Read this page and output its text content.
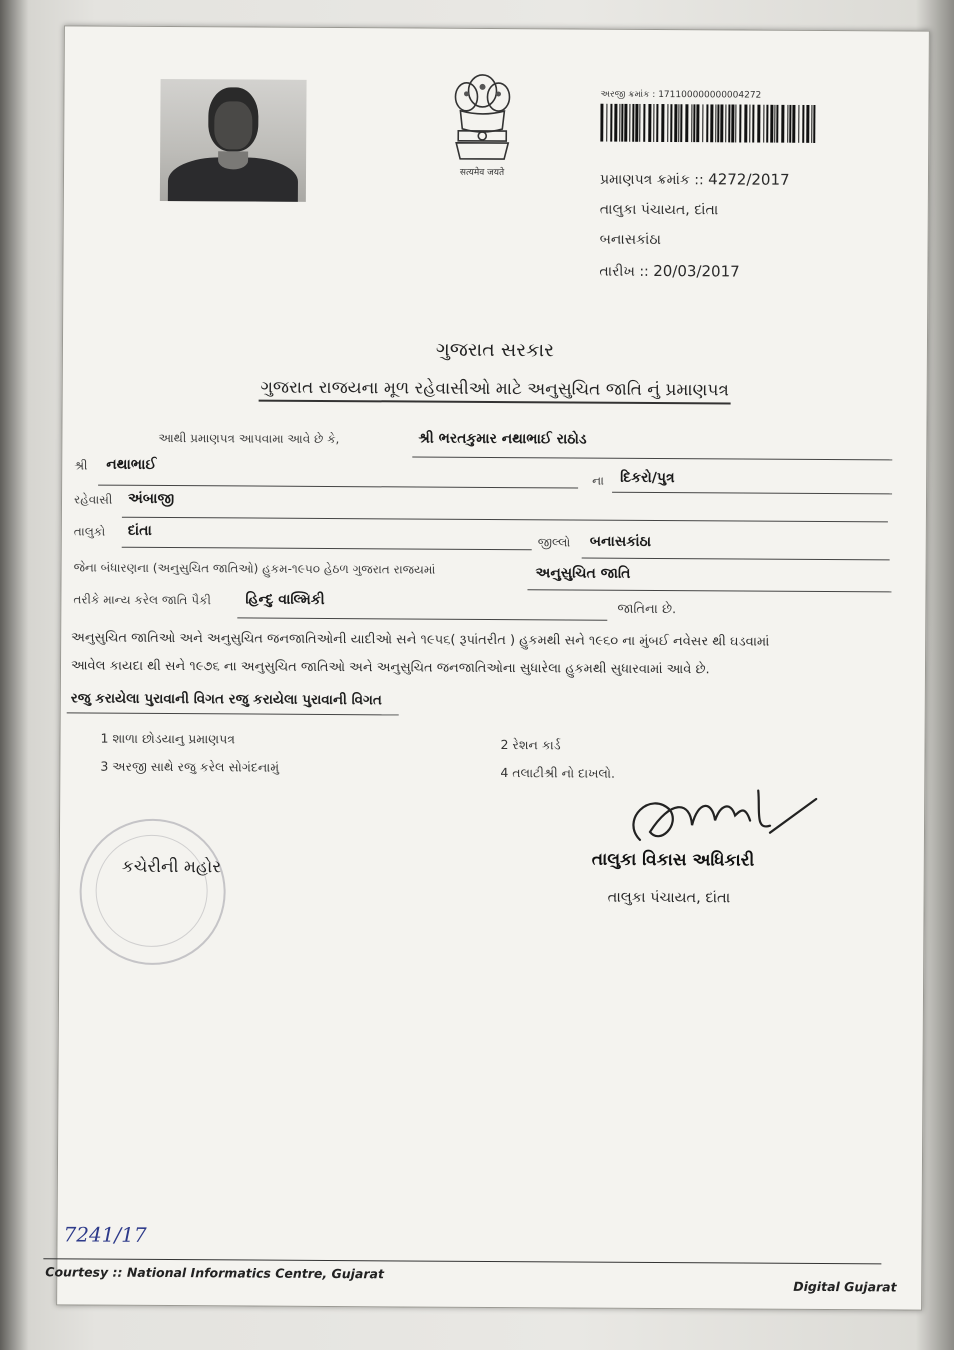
सत्यमेव जयते
અરજી ક્રમાંક : 171100000000004272
પ્રમાણપત્ર ક્રમાંક :: 4272/2017
તાલુકા પંચાયત, દાંતા
બનાસકાંઠા
તારીખ :: 20/03/2017
ગુજરાત સરકાર
ગુજરાત રાજયના મૂળ રહેવાસીઓ માટે અનુસુચિત જાતિ નું પ્રમાણપત્ર
આથી પ્રમાણપત્ર આપવામા આવે છે કે,	શ્રી ભરતકુમાર નથાભાઈ રાઠોડ
શ્રી નથાભાઈ
ના દિકરો/પુત્ર
રહેવાસી અંબાજી
તાલુકો દાંતા
જીલ્લો બનાસકાંઠા
જેના બંધારણના (અનુસુચિત જાતિઓ) હુકમ-૧૯૫૦ હેઠળ ગુજરાત રાજયમાં	અનુસુચિત જાતિ
તરીકે માન્ય કરેલ જાતિ પૈકી હિન્દુ વાલ્મિકી
જાતિના છે.
અનુસુચિત જાતિઓ અને અનુસુચિત જનજાતિઓની યાદીઓ સને ૧૯૫૬( રૂપાંતરીત ) હુકમથી સને ૧૯૬૦ ના મુંબઈ નવેસર થી ઘડવામાં
આવેલ કાયદા થી સને ૧૯૭૬ ના અનુસુચિત જાતિઓ અને અનુસુચિત જનજાતિઓના સુધારેલા હુકમથી સુધારવામાં આવે છે.
રજુ કરાયેલા પુરાવાની વિગત રજુ કરાયેલા પુરાવાની વિગત
1 શાળા છોડયાનુ પ્રમાણપત્ર	2 રેશન કાર્ડ
3 અરજી સાથે રજુ કરેલ સોગંદનામું	4 તલાટીશ્રી નો દાખલો.
કચેરીની મહોર	તાલુકા વિકાસ અધિકારી
તાલુકા પંચાયત, દાંતા
7241/17
Courtesy :: National Informatics Centre, Gujarat
Digital Gujarat
